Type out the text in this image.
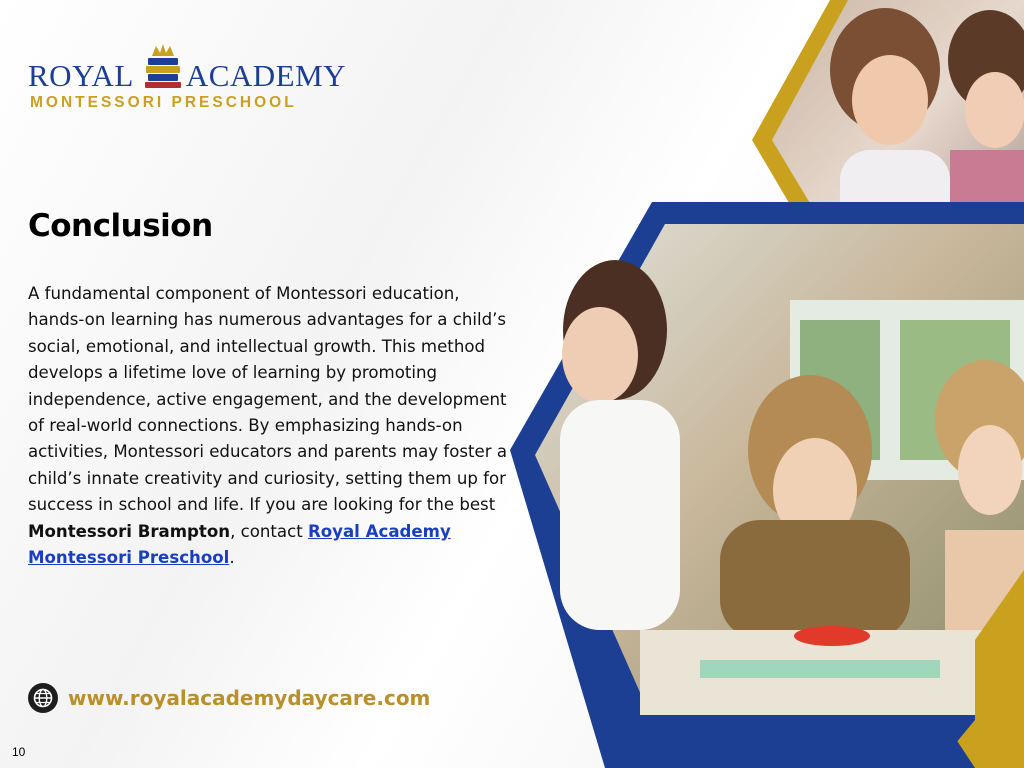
ROYAL ACADEMY
MONTESSORI PRESCHOOL
Conclusion
A fundamental component of Montessori education, hands-on learning has numerous advantages for a child’s social, emotional, and intellectual growth. This method develops a lifetime love of learning by promoting independence, active engagement, and the development of real-world connections. By emphasizing hands-on activities, Montessori educators and parents may foster a child’s innate creativity and curiosity, setting them up for success in school and life. If you are looking for the best Montessori Brampton, contact Royal Academy Montessori Preschool.
www.royalacademydaycare.com
10
